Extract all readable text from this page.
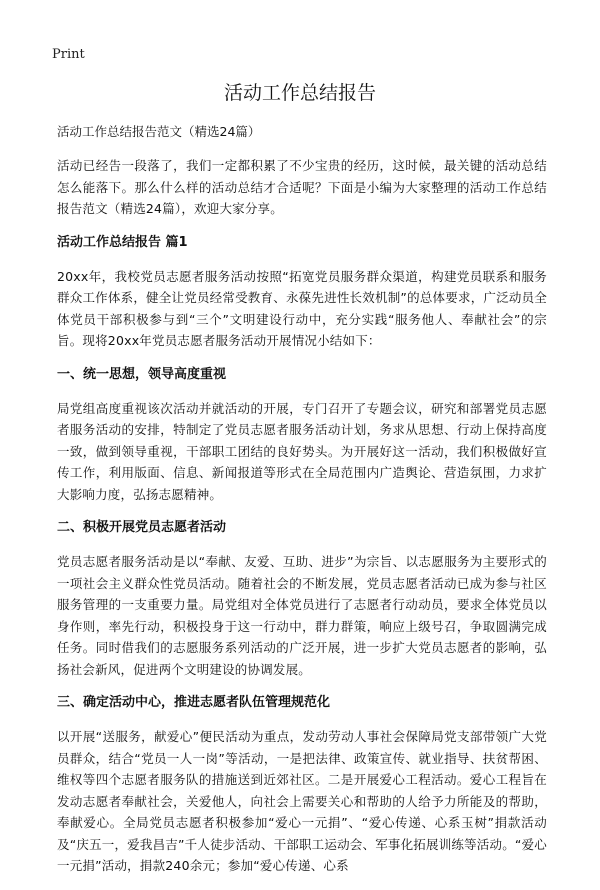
Print
活动工作总结报告
活动工作总结报告范文（精选24篇）

活动已经告一段落了，我们一定都积累了不少宝贵的经历，这时候，最关键的活动总结怎么能落下。那么什么样的活动总结才合适呢？下面是小编为大家整理的活动工作总结报告范文（精选24篇），欢迎大家分享。

活动工作总结报告 篇1

20xx年，我校党员志愿者服务活动按照“拓宽党员服务群众渠道，构建党员联系和服务群众工作体系，健全让党员经常受教育、永葆先进性长效机制”的总体要求，广泛动员全体党员干部积极参与到“三个”文明建设行动中，充分实践“服务他人、奉献社会”的宗旨。现将20xx年党员志愿者服务活动开展情况小结如下：

一、统一思想，领导高度重视

局党组高度重视该次活动并就活动的开展，专门召开了专题会议，研究和部署党员志愿者服务活动的安排，特制定了党员志愿者服务活动计划，务求从思想、行动上保持高度一致，做到领导重视，干部职工团结的良好势头。为开展好这一活动，我们积极做好宣传工作，利用版面、信息、新闻报道等形式在全局范围内广造舆论、营造氛围，力求扩大影响力度，弘扬志愿精神。

二、积极开展党员志愿者活动

党员志愿者服务活动是以“奉献、友爱、互助、进步”为宗旨、以志愿服务为主要形式的一项社会主义群众性党员活动。随着社会的不断发展，党员志愿者活动已成为参与社区服务管理的一支重要力量。局党组对全体党员进行了志愿者行动动员，要求全体党员以身作则，率先行动，积极投身于这一行动中，群力群策，响应上级号召，争取圆满完成任务。同时借我们的志愿服务系列活动的广泛开展，进一步扩大党员志愿者的影响，弘扬社会新风，促进两个文明建设的协调发展。

三、确定活动中心，推进志愿者队伍管理规范化

以开展“送服务，献爱心”便民活动为重点，发动劳动人事社会保障局党支部带领广大党员群众，结合“党员一人一岗”等活动，一是把法律、政策宣传、就业指导、扶贫帮困、维权等四个志愿者服务队的措施送到近郊社区。二是开展爱心工程活动。爱心工程旨在发动志愿者奉献社会，关爱他人，向社会上需要关心和帮助的人给予力所能及的帮助，奉献爱心。全局党员志愿者积极参加“爱心一元捐”、“爱心传递、心系玉树”捐款活动及“庆五一，爱我昌吉”千人徒步活动、干部职工运动会、军事化拓展训练等活动。“爱心一元捐”活动，捐款240余元；参加“爱心传递、心系
